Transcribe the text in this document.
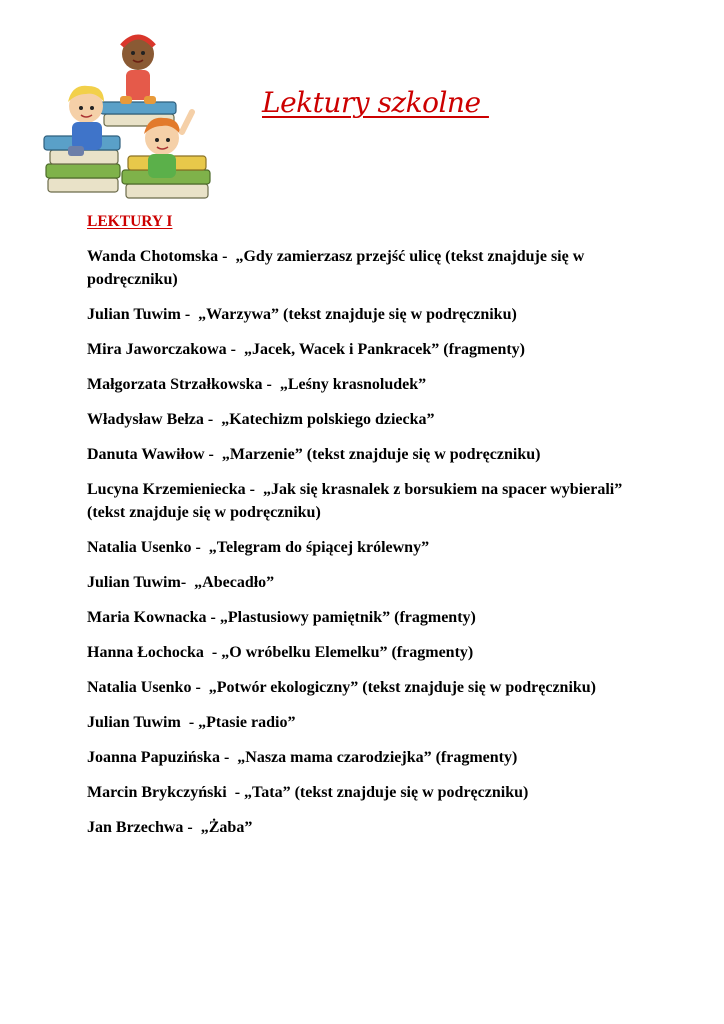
Lektury szkolne
LEKTURY I
Wanda Chotomska -  „Gdy zamierzasz przejść ulicę (tekst znajduje się w podręczniku)
Julian Tuwim -  „Warzywa” (tekst znajduje się w podręczniku)
Mira Jaworczakowa -  „Jacek, Wacek i Pankracek” (fragmenty)
Małgorzata Strzałkowska -  „Leśny krasnoludek”
Władysław Bełza -  „Katechizm polskiego dziecka”
Danuta Wawiłow -  „Marzenie” (tekst znajduje się w podręczniku)
Lucyna Krzemieniecka -  „Jak się krasnalek z borsukiem na spacer wybierali” (tekst znajduje się w podręczniku)
Natalia Usenko -  „Telegram do śpiącej królewny”
Julian Tuwim-  „Abecadło”
Maria Kownacka - „Plastusiowy pamiętnik” (fragmenty)
Hanna Łochocka  - „O wróbelku Elemelku” (fragmenty)
Natalia Usenko -  „Potwór ekologiczny” (tekst znajduje się w podręczniku)
Julian Tuwim  - „Ptasie radio”
Joanna Papuzińska -  „Nasza mama czarodziejka” (fragmenty)
Marcin Brykczyński  - „Tata” (tekst znajduje się w podręczniku)
Jan Brzechwa -  „Żaba”
